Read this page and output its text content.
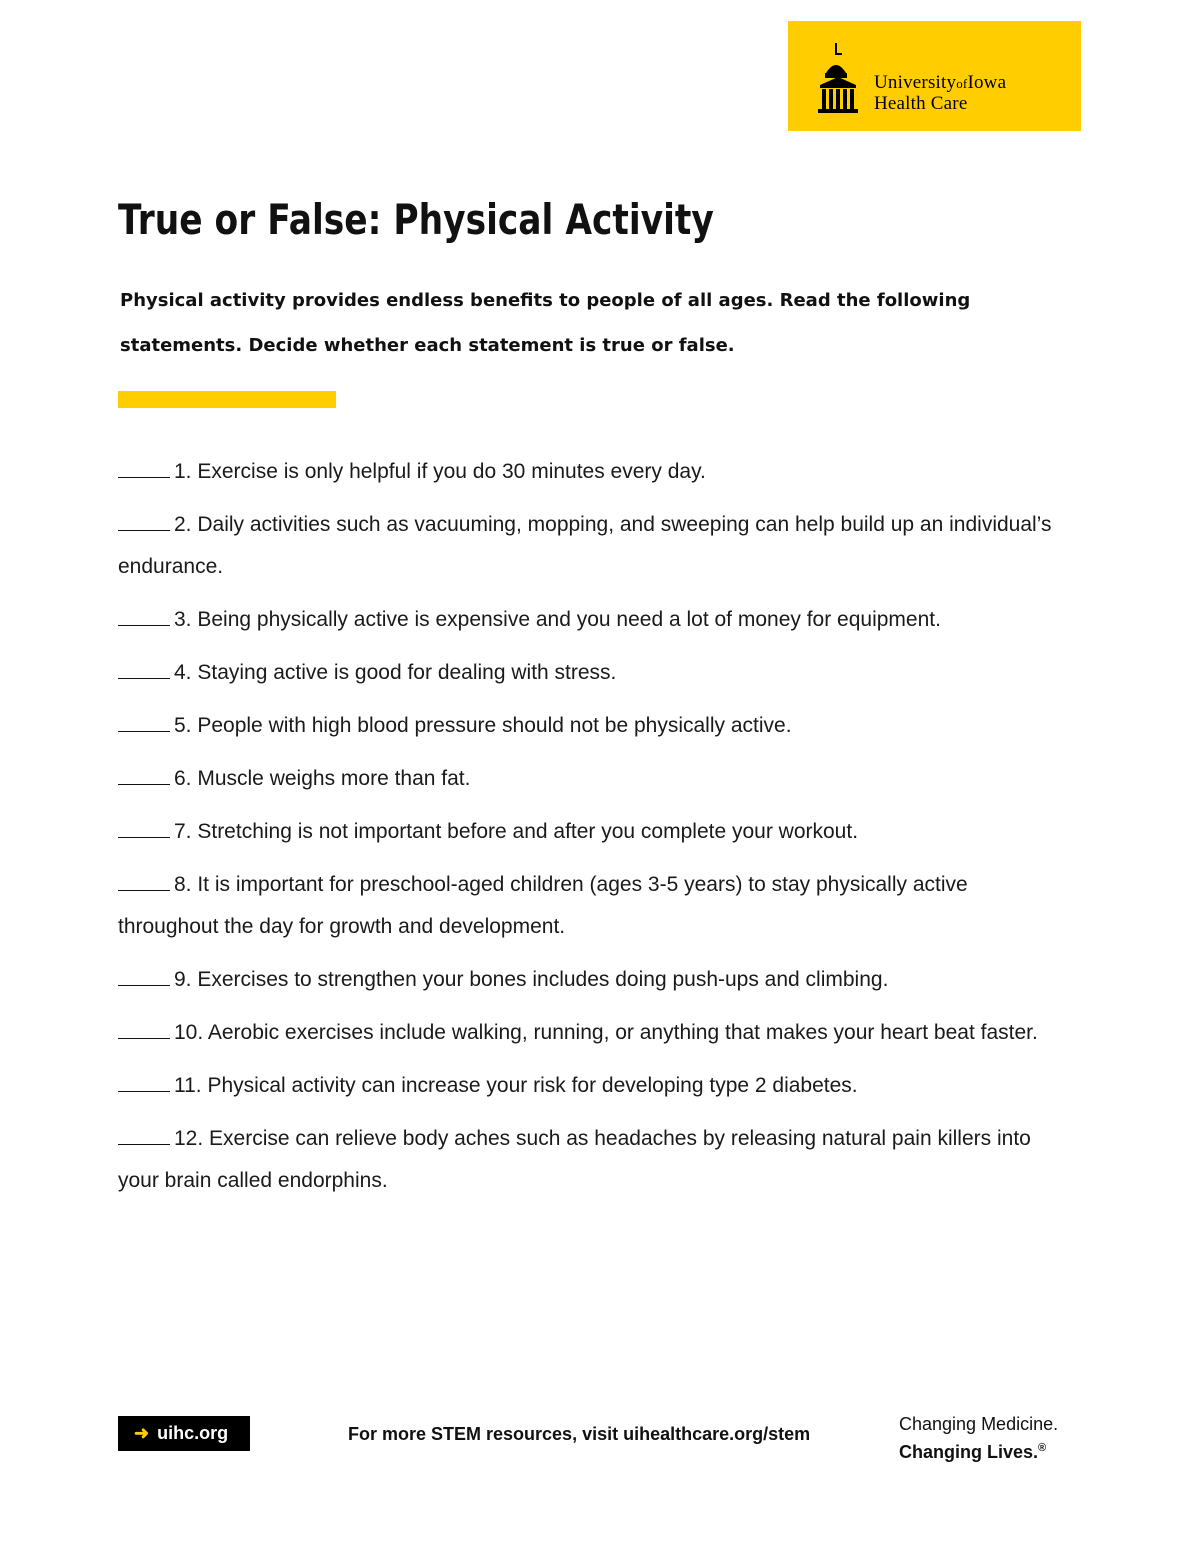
UniversityofIowa
Health Care
True or False: Physical Activity

Physical activity provides endless benefits to people of all ages. Read the following statements. Decide whether each statement is true or false.

1. Exercise is only helpful if you do 30 minutes every day.
2. Daily activities such as vacuuming, mopping, and sweeping can help build up an individual’s endurance.
3. Being physically active is expensive and you need a lot of money for equipment.
4. Staying active is good for dealing with stress.
5. People with high blood pressure should not be physically active.
6. Muscle weighs more than fat.
7. Stretching is not important before and after you complete your workout.
8. It is important for preschool-aged children (ages 3-5 years) to stay physically active throughout the day for growth and development.
9. Exercises to strengthen your bones includes doing push-ups and climbing.
10. Aerobic exercises include walking, running, or anything that makes your heart beat faster.
11. Physical activity can increase your risk for developing type 2 diabetes.
12. Exercise can relieve body aches such as headaches by releasing natural pain killers into your brain called endorphins.
➜ uihc.org	For more STEM resources, visit uihealthcare.org/stem	Changing Medicine.
Changing Lives.®
